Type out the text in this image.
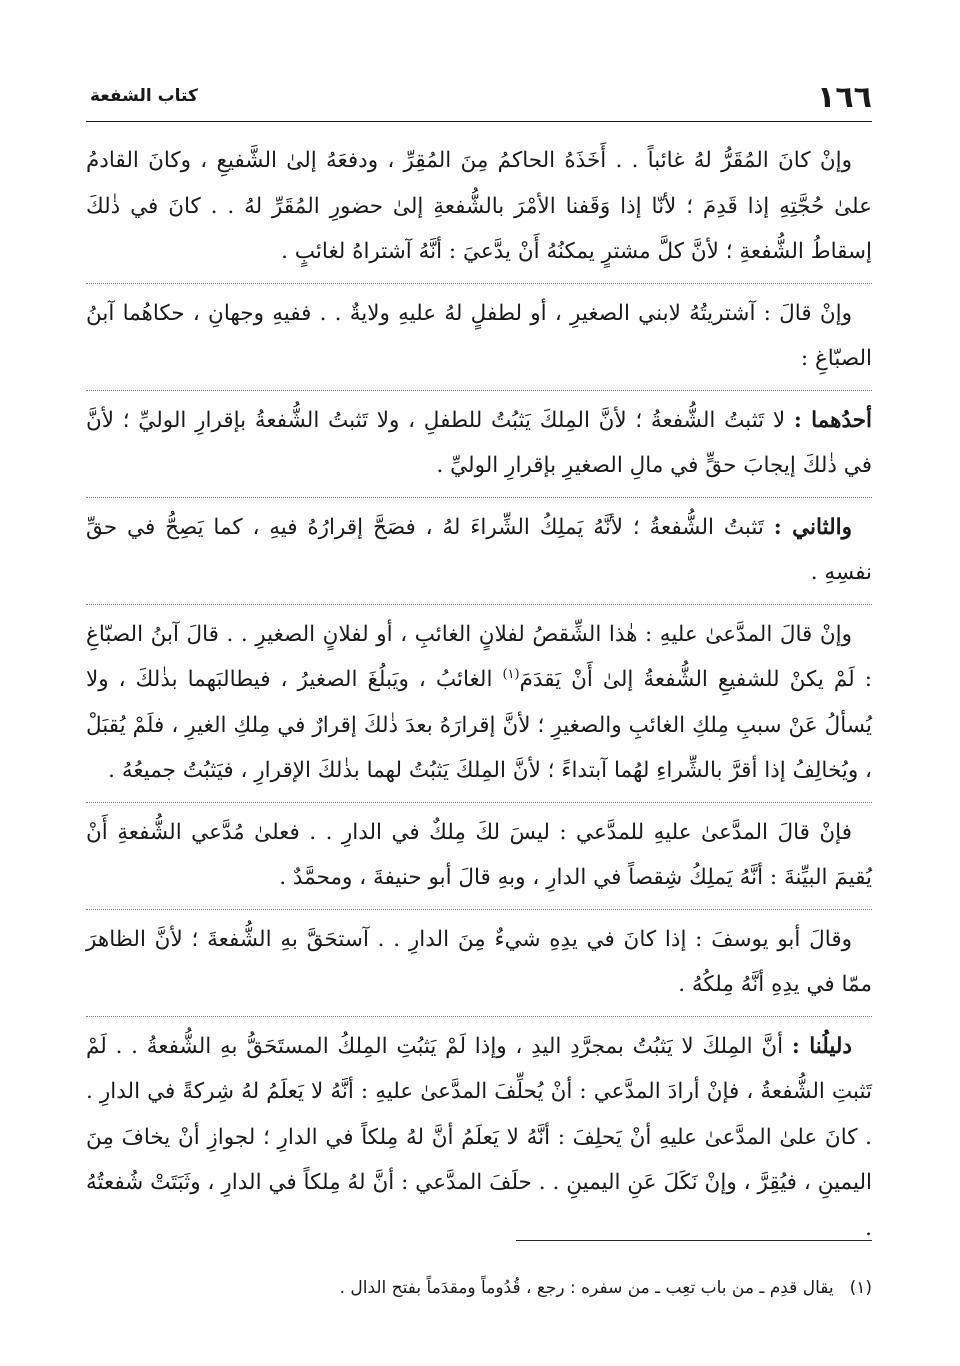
١٦٦
كتاب الشفعة

وإنْ كانَ المُقَرُّ لهُ غائباً . . أَخَذَهُ الحاكمُ مِنَ المُقِرِّ ، ودفعَهُ إلىٰ الشَّفيعِ ، وكانَ القادمُ علىٰ حُجَّتِهِ إذا قَدِمَ ؛ لأنّا إذا وَقَفنا الأمْرَ بالشُّفعةِ إلىٰ حضورِ المُقَرِّ لهُ . . كانَ في ذٰلكَ إسقاطُ الشُّفعةِ ؛ لأنَّ كلَّ مشترٍ يمكنُهُ أَنْ يدَّعيَ : أنَّهُ آشتراهُ لغائبٍ .

وإنْ قالَ : آشتريتُهُ لابني الصغيرِ ، أو لطفلٍ لهُ عليهِ ولايةٌ . . ففيهِ وجهانِ ، حكاهُما آبنُ الصبّاغِ :

أحدُهما : لا تَثبتُ الشُّفعةُ ؛ لأنَّ المِلكَ يَثبُتُ للطفلِ ، ولا تَثبتُ الشُّفعةُ بإقرارِ الوليِّ ؛ لأنَّ في ذٰلكَ إيجابَ حقٍّ في مالِ الصغيرِ بإقرارِ الوليِّ .

والثاني : تَثبتُ الشُّفعةُ ؛ لأنَّهُ يَملِكُ الشِّراءَ لهُ ، فصَحَّ إقرارُهُ فيهِ ، كما يَصِحُّ في حقِّ نفسِهِ .

وإنْ قالَ المدَّعىٰ عليهِ : هٰذا الشِّقصُ لفلانٍ الغائبِ ، أو لفلانٍ الصغيرِ . . قالَ آبنُ الصبّاغِ : لَمْ يكنْ للشفيعِ الشُّفعةُ إلىٰ أَنْ يَقدَمَ$^{(١)}$ الغائبُ ، ويَبلُغَ الصغيرُ ، فيطالبَهما بذٰلكَ ، ولا يُسألُ عَنْ سببِ مِلكِ الغائبِ والصغيرِ ؛ لأنَّ إقرارَهُ بعدَ ذٰلكَ إقرارٌ في مِلكِ الغيرِ ، فلَمْ يُقبَلْ ، ويُخالِفُ إذا أقرَّ بالشِّراءِ لهُما آبتداءً ؛ لأنَّ المِلكَ يَثبُتُ لهما بذٰلكَ الإقرارِ ، فيَثبُتُ جميعُهُ .

فإنْ قالَ المدَّعىٰ عليهِ للمدَّعي : ليسَ لكَ مِلكٌ في الدارِ . . فعلىٰ مُدَّعي الشُّفعةِ أَنْ يُقيمَ البيِّنةَ : أنَّهُ يَملِكُ شِقصاً في الدارِ ، وبهِ قالَ أبو حنيفةَ ، ومحمَّدٌ .

وقالَ أبو يوسفَ : إذا كانَ في يدِهِ شيءٌ مِنَ الدارِ . . آستحَقَّ بهِ الشُّفعةَ ؛ لأنَّ الظاهرَ ممّا في يدِهِ أنَّهُ مِلكُهُ .

دليلُنا : أنَّ المِلكَ لا يَثبُتُ بمجرَّدِ اليدِ ، وإذا لَمْ يَثبُتِ المِلكُ المستَحَقُّ بهِ الشُّفعةُ . . لَمْ تَثبتِ الشُّفعةُ ، فإنْ أرادَ المدَّعي : أنْ يُحلِّفَ المدَّعىٰ عليهِ : أنَّهُ لا يَعلَمُ لهُ شِركةً في الدارِ . . كانَ علىٰ المدَّعىٰ عليهِ أنْ يَحلِفَ : أنَّهُ لا يَعلَمُ أنَّ لهُ مِلكاً في الدارِ ؛ لجوازِ أنْ يخافَ مِنَ اليمينِ ، فيُقِرَّ ، وإنْ نَكَلَ عَنِ اليمينِ . . حلَفَ المدَّعي : أنَّ لهُ مِلكاً في الدارِ ، وثَبَتَتْ شُفعتُهُ .

(١)يقال قدِم ـ من باب تعِب ـ من سفره : رجع ، قُدُوماً ومقدَماً بفتح الدال .
